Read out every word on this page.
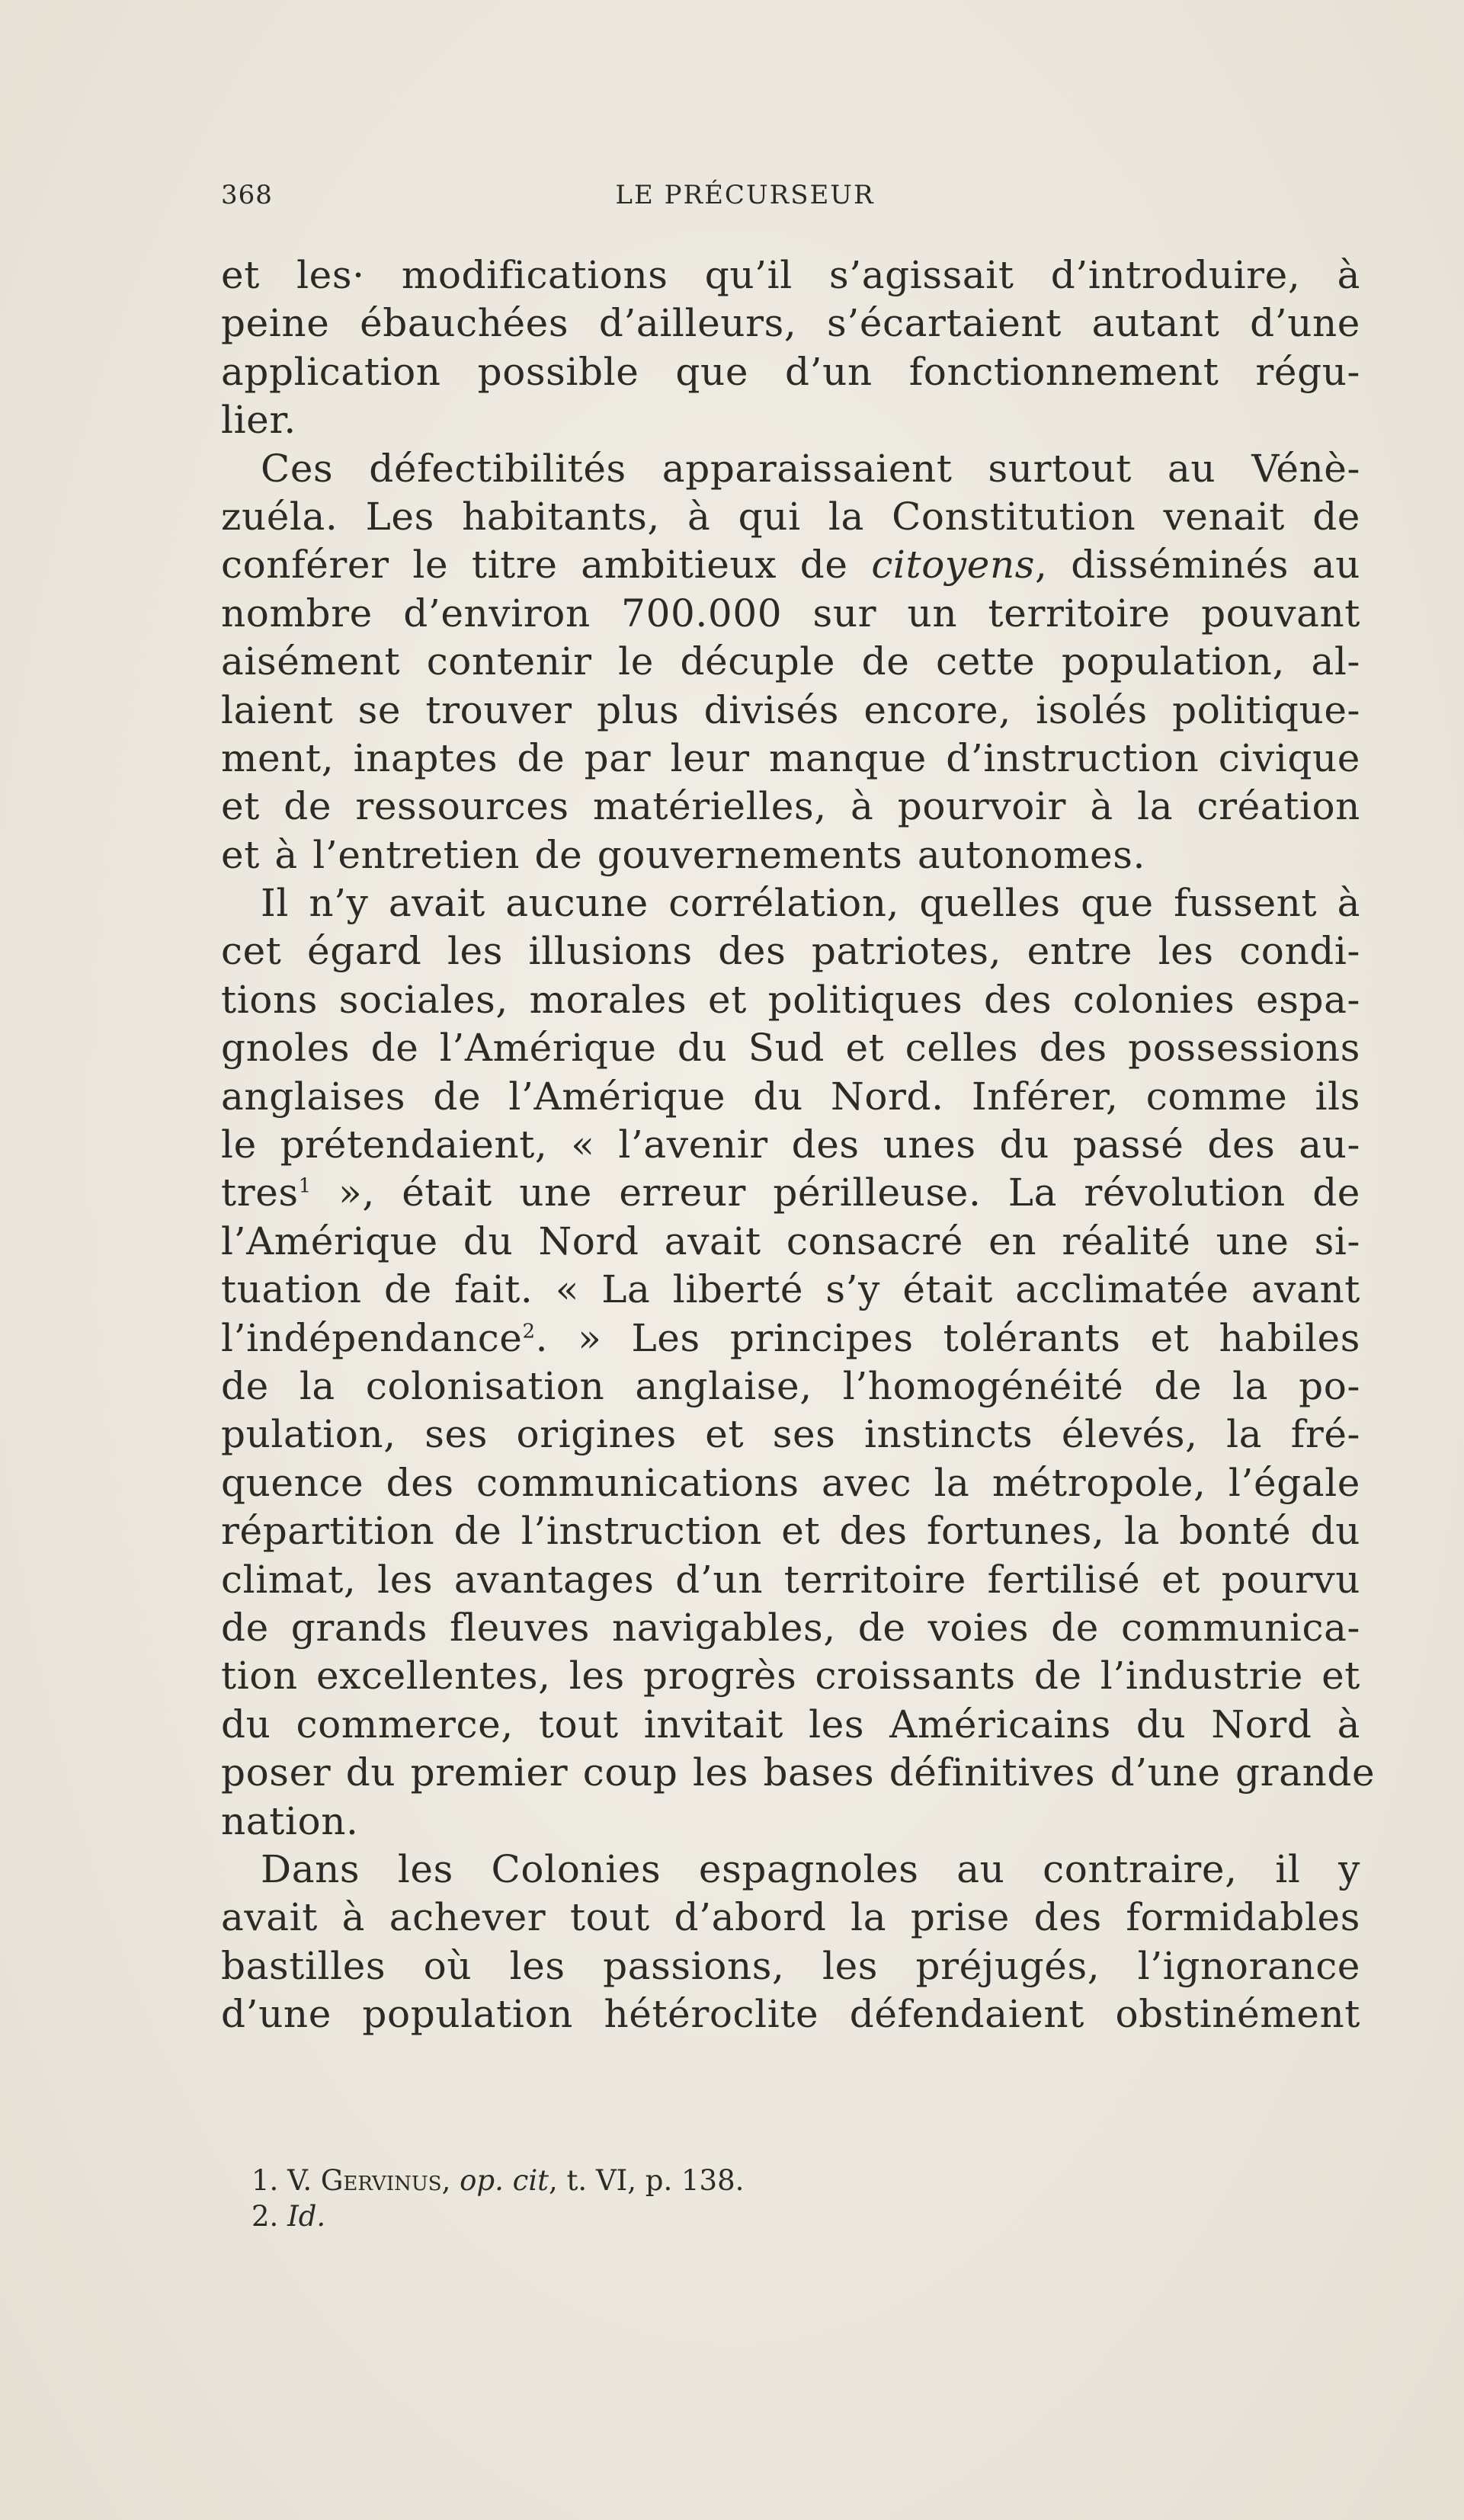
368	LE PRÉCURSEUR
et les· modifications qu’il s’agissait d’introduire, à
peine ébauchées d’ailleurs, s’écartaient autant d’une
application possible que d’un fonctionnement régu-
lier.
Ces défectibilités apparaissaient surtout au Vénè-
zuéla. Les habitants, à qui la Constitution venait de
conférer le titre ambitieux de citoyens, disséminés au
nombre d’environ 700.000 sur un territoire pouvant
aisément contenir le décuple de cette population, al-
laient se trouver plus divisés encore, isolés politique-
ment, inaptes de par leur manque d’instruction civique
et de ressources matérielles, à pourvoir à la création
et à l’entretien de gouvernements autonomes.
Il n’y avait aucune corrélation, quelles que fussent à
cet égard les illusions des patriotes, entre les condi-
tions sociales, morales et politiques des colonies espa-
gnoles de l’Amérique du Sud et celles des possessions
anglaises de l’Amérique du Nord. Inférer, comme ils
le prétendaient, « l’avenir des unes du passé des au-
tres$^1$ », était une erreur périlleuse. La révolution de
l’Amérique du Nord avait consacré en réalité une si-
tuation de fait. « La liberté s’y était acclimatée avant
l’indépendance$^2$. » Les principes tolérants et habiles
de la colonisation anglaise, l’homogénéité de la po-
pulation, ses origines et ses instincts élevés, la fré-
quence des communications avec la métropole, l’égale
répartition de l’instruction et des fortunes, la bonté du
climat, les avantages d’un territoire fertilisé et pourvu
de grands fleuves navigables, de voies de communica-
tion excellentes, les progrès croissants de l’industrie et
du commerce, tout invitait les Américains du Nord à
poser du premier coup les bases définitives d’une grande
nation.
Dans les Colonies espagnoles au contraire, il y
avait à achever tout d’abord la prise des formidables
bastilles où les passions, les préjugés, l’ignorance
d’une population hétéroclite défendaient obstinément
1. V. Gervinus, op. cit, t. VI, p. 138.
2. Id.
